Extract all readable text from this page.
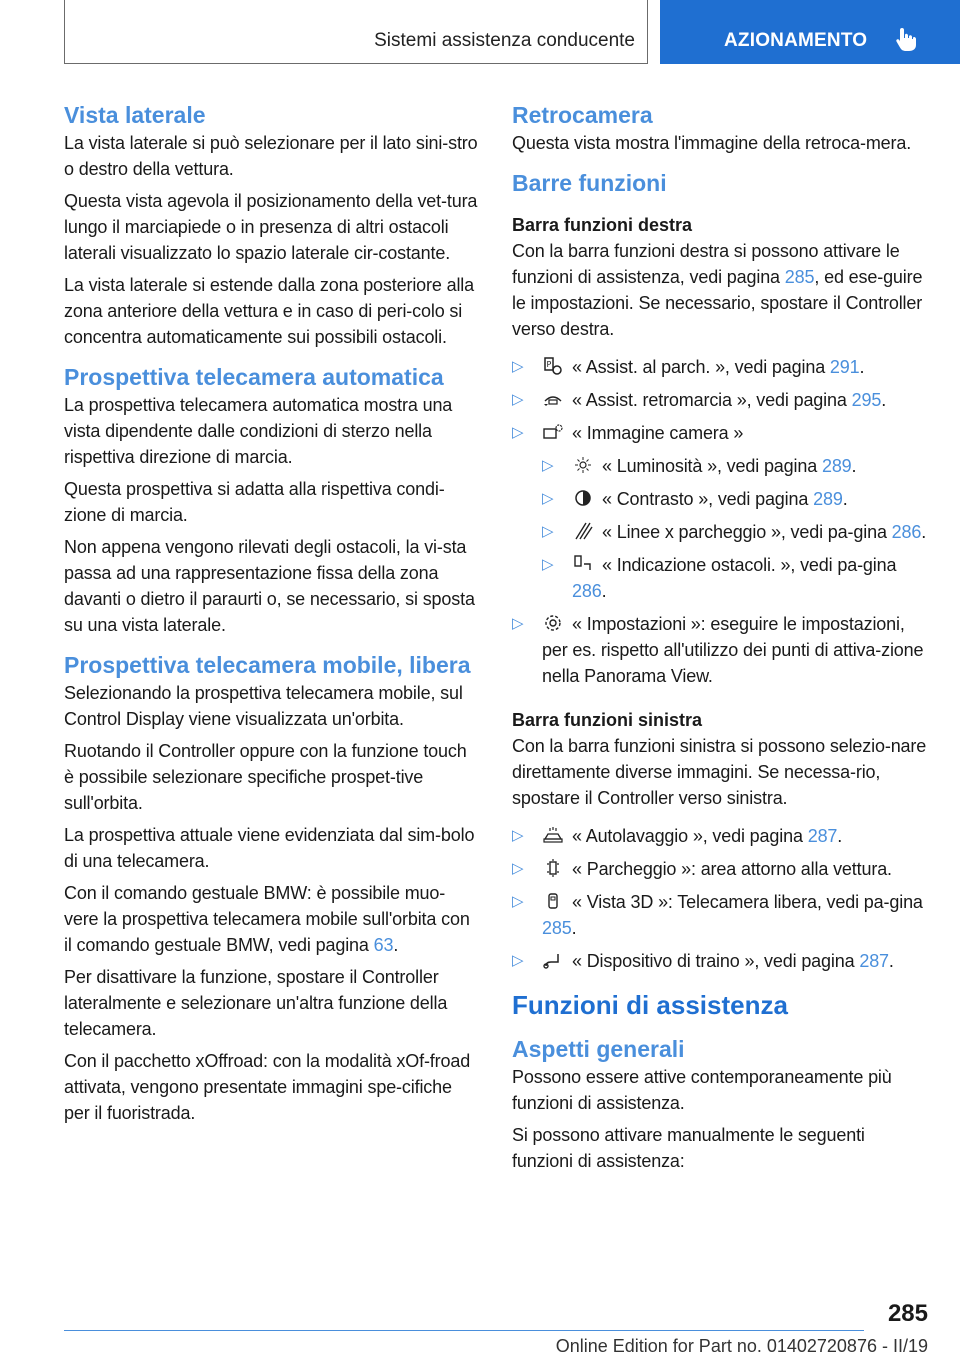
Sistemi assistenza conducente	AZIONAMENTO
Vista laterale

La vista laterale si può selezionare per il lato sini-stro o destro della vettura.

Questa vista agevola il posizionamento della vet-tura lungo il marciapiede o in presenza di altri ostacoli laterali visualizzato lo spazio laterale cir-costante.

La vista laterale si estende dalla zona posteriore alla zona anteriore della vettura e in caso di peri-colo si concentra automaticamente sui possibili ostacoli.

Prospettiva telecamera automatica

La prospettiva telecamera automatica mostra una vista dipendente dalle condizioni di sterzo nella rispettiva direzione di marcia.

Questa prospettiva si adatta alla rispettiva condi-zione di marcia.

Non appena vengono rilevati degli ostacoli, la vi-sta passa ad una rappresentazione fissa della zona davanti o dietro il paraurti o, se necessario, si sposta su una vista laterale.

Prospettiva telecamera mobile, libera

Selezionando la prospettiva telecamera mobile, sul Control Display viene visualizzata un'orbita.

Ruotando il Controller oppure con la funzione touch è possibile selezionare specifiche prospet-tive sull'orbita.

La prospettiva attuale viene evidenziata dal sim-bolo di una telecamera.

Con il comando gestuale BMW: è possibile muo-vere la prospettiva telecamera mobile sull'orbita con il comando gestuale BMW, vedi pagina 63.

Per disattivare la funzione, spostare il Controller lateralmente e selezionare un'altra funzione della telecamera.

Con il pacchetto xOffroad: con la modalità xOf-froad attivata, vengono presentate immagini spe-cifiche per il fuoristrada.

Retrocamera

Questa vista mostra l'immagine della retroca-mera.

Barre funzioni
Barra funzioni destra

Con la barra funzioni destra si possono attivare le funzioni di assistenza, vedi pagina 285, ed ese-guire le impostazioni. Se necessario, spostare il Controller verso destra.

▷	P « Assist. al parch. », vedi pagina 291.
▷	« Assist. retromarcia », vedi pagina 295.
▷	« Immagine camera »
▷	« Luminosità », vedi pagina 289.
▷	« Contrasto », vedi pagina 289.
▷	« Linee x parcheggio », vedi pa-gina 286.
▷	« Indicazione ostacoli. », vedi pa-gina 286.
▷	« Impostazioni »: eseguire le impostazioni, per es. rispetto all'utilizzo dei punti di attiva-zione nella Panorama View.
Barra funzioni sinistra

Con la barra funzioni sinistra si possono selezio-nare direttamente diverse immagini. Se necessa-rio, spostare il Controller verso sinistra.

▷	« Autolavaggio », vedi pagina 287.
▷	« Parcheggio »: area attorno alla vettura.
▷	« Vista 3D »: Telecamera libera, vedi pa-gina 285.
▷	« Dispositivo di traino », vedi pagina 287.
Funzioni di assistenza
Aspetti generali

Possono essere attive contemporaneamente più funzioni di assistenza.

Si possono attivare manualmente le seguenti funzioni di assistenza:

285
Online Edition for Part no. 01402720876 - II/19
